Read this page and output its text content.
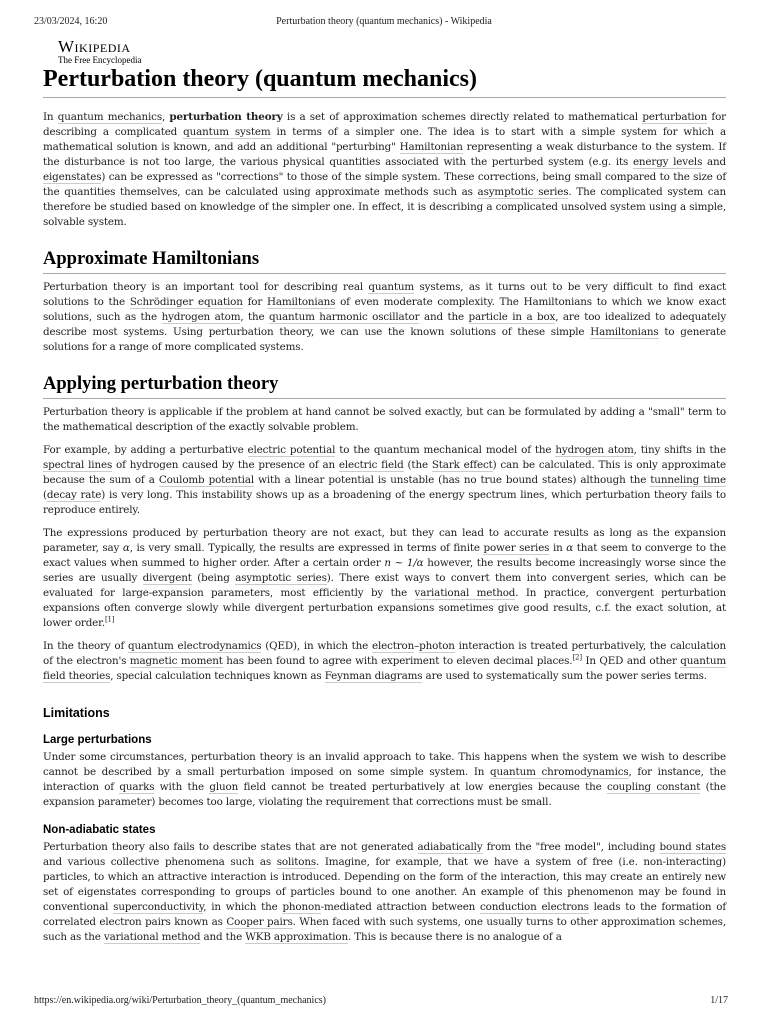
23/03/2024, 16:20	Perturbation theory (quantum mechanics) - Wikipedia
Wikipedia
The Free Encyclopedia
Perturbation theory (quantum mechanics)

In quantum mechanics, perturbation theory is a set of approximation schemes directly related to mathematical perturbation for describing a complicated quantum system in terms of a simpler one. The idea is to start with a simple system for which a mathematical solution is known, and add an additional "perturbing" Hamiltonian representing a weak disturbance to the system. If the disturbance is not too large, the various physical quantities associated with the perturbed system (e.g. its energy levels and eigenstates) can be expressed as "corrections" to those of the simple system. These corrections, being small compared to the size of the quantities themselves, can be calculated using approximate methods such as asymptotic series. The complicated system can therefore be studied based on knowledge of the simpler one. In effect, it is describing a complicated unsolved system using a simple, solvable system.

Approximate Hamiltonians

Perturbation theory is an important tool for describing real quantum systems, as it turns out to be very difficult to find exact solutions to the Schrödinger equation for Hamiltonians of even moderate complexity. The Hamiltonians to which we know exact solutions, such as the hydrogen atom, the quantum harmonic oscillator and the particle in a box, are too idealized to adequately describe most systems. Using perturbation theory, we can use the known solutions of these simple Hamiltonians to generate solutions for a range of more complicated systems.

Applying perturbation theory

Perturbation theory is applicable if the problem at hand cannot be solved exactly, but can be formulated by adding a "small" term to the mathematical description of the exactly solvable problem.

For example, by adding a perturbative electric potential to the quantum mechanical model of the hydrogen atom, tiny shifts in the spectral lines of hydrogen caused by the presence of an electric field (the Stark effect) can be calculated. This is only approximate because the sum of a Coulomb potential with a linear potential is unstable (has no true bound states) although the tunneling time (decay rate) is very long. This instability shows up as a broadening of the energy spectrum lines, which perturbation theory fails to reproduce entirely.

The expressions produced by perturbation theory are not exact, but they can lead to accurate results as long as the expansion parameter, say α, is very small. Typically, the results are expressed in terms of finite power series in α that seem to converge to the exact values when summed to higher order. After a certain order n ~ 1/α however, the results become increasingly worse since the series are usually divergent (being asymptotic series). There exist ways to convert them into convergent series, which can be evaluated for large-expansion parameters, most efficiently by the variational method. In practice, convergent perturbation expansions often converge slowly while divergent perturbation expansions sometimes give good results, c.f. the exact solution, at lower order.[1]

In the theory of quantum electrodynamics (QED), in which the electron–photon interaction is treated perturbatively, the calculation of the electron's magnetic moment has been found to agree with experiment to eleven decimal places.[2] In QED and other quantum field theories, special calculation techniques known as Feynman diagrams are used to systematically sum the power series terms.

Limitations
Large perturbations

Under some circumstances, perturbation theory is an invalid approach to take. This happens when the system we wish to describe cannot be described by a small perturbation imposed on some simple system. In quantum chromodynamics, for instance, the interaction of quarks with the gluon field cannot be treated perturbatively at low energies because the coupling constant (the expansion parameter) becomes too large, violating the requirement that corrections must be small.

Non-adiabatic states

Perturbation theory also fails to describe states that are not generated adiabatically from the "free model", including bound states and various collective phenomena such as solitons. Imagine, for example, that we have a system of free (i.e. non-interacting) particles, to which an attractive interaction is introduced. Depending on the form of the interaction, this may create an entirely new set of eigenstates corresponding to groups of particles bound to one another. An example of this phenomenon may be found in conventional superconductivity, in which the phonon-mediated attraction between conduction electrons leads to the formation of correlated electron pairs known as Cooper pairs. When faced with such systems, one usually turns to other approximation schemes, such as the variational method and the WKB approximation. This is because there is no analogue of a

https://en.wikipedia.org/wiki/Perturbation_theory_(quantum_mechanics)	1/17
